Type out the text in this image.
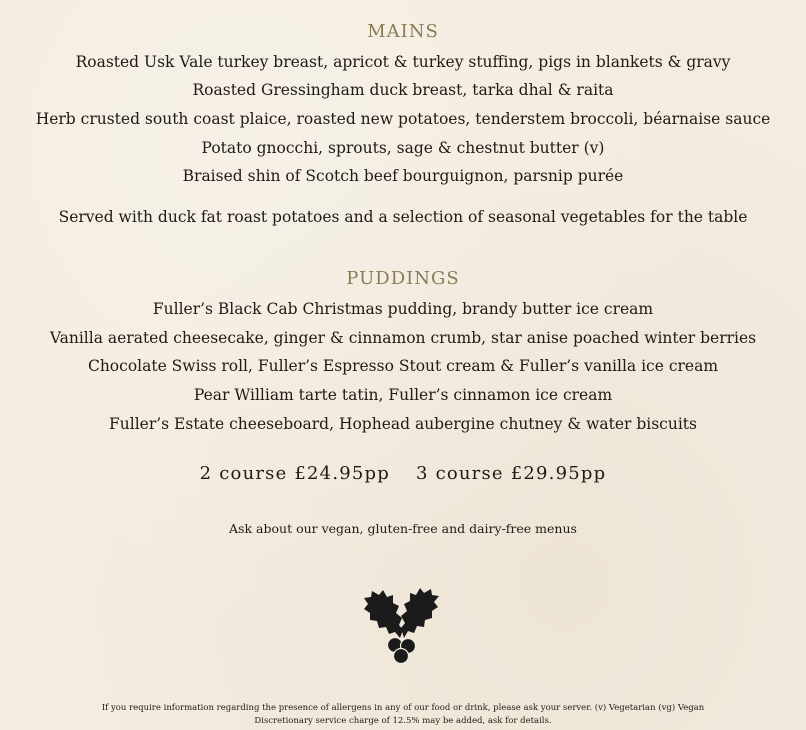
MAINS
Roasted Usk Vale turkey breast, apricot & turkey stuffing, pigs in blankets & gravy
Roasted Gressingham duck breast, tarka dhal & raita
Herb crusted south coast plaice, roasted new potatoes, tenderstem broccoli, béarnaise sauce
Potato gnocchi, sprouts, sage & chestnut butter (v)
Braised shin of Scotch beef bourguignon, parsnip purée
Served with duck fat roast potatoes and a selection of seasonal vegetables for the table
PUDDINGS
Fuller’s Black Cab Christmas pudding, brandy butter ice cream
Vanilla aerated cheesecake, ginger & cinnamon crumb, star anise poached winter berries
Chocolate Swiss roll, Fuller’s Espresso Stout cream & Fuller’s vanilla ice cream
Pear William tarte tatin, Fuller’s cinnamon ice cream
Fuller’s Estate cheeseboard, Hophead aubergine chutney & water biscuits
2 course £24.95pp 3 course £29.95pp
Ask about our vegan, gluten-free and dairy-free menus
If you require information regarding the presence of allergens in any of our food or drink, please ask your server. (v) Vegetarian (vg) Vegan
Discretionary service charge of 12.5% may be added, ask for details.
